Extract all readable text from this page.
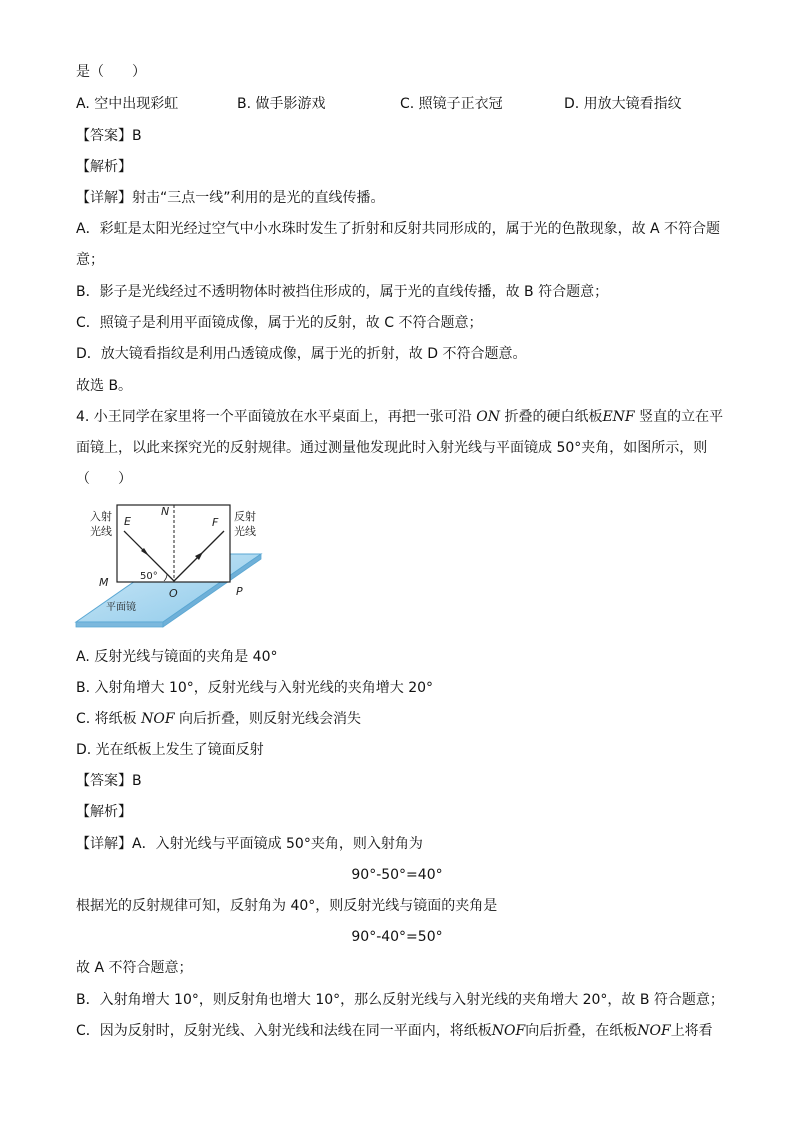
是（　　）
A. 空中出现彩虹	B. 做手影游戏	C. 照镜子正衣冠	D. 用放大镜看指纹
【答案】B
【解析】
【详解】射击“三点一线”利用的是光的直线传播。
A．彩虹是太阳光经过空气中小水珠时发生了折射和反射共同形成的，属于光的色散现象，故 A 不符合题
意；
B．影子是光线经过不透明物体时被挡住形成的，属于光的直线传播，故 B 符合题意；
C．照镜子是利用平面镜成像，属于光的反射，故 C 不符合题意；
D．放大镜看指纹是利用凸透镜成像，属于光的折射，故 D 不符合题意。
故选 B。
4. 小王同学在家里将一个平面镜放在水平桌面上，再把一张可沿 ON 折叠的硬白纸板ENF 竖直的立在平
面镜上，以此来探究光的反射规律。通过测量他发现此时入射光线与平面镜成 50°夹角，如图所示，则
（　　）
入射
光线
反射
光线
E
N
F
M
O	P
50°
平面镜
A. 反射光线与镜面的夹角是 40°
B. 入射角增大 10°，反射光线与入射光线的夹角增大 20°
C. 将纸板 NOF 向后折叠，则反射光线会消失
D. 光在纸板上发生了镜面反射
【答案】B
【解析】
【详解】A．入射光线与平面镜成 50°夹角，则入射角为
90°-50°=40°
根据光的反射规律可知，反射角为 40°，则反射光线与镜面的夹角是
90°-40°=50°
故 A 不符合题意；
B．入射角增大 10°，则反射角也增大 10°，那么反射光线与入射光线的夹角增大 20°，故 B 符合题意；
C．因为反射时，反射光线、入射光线和法线在同一平面内，将纸板NOF向后折叠，在纸板NOF上将看
